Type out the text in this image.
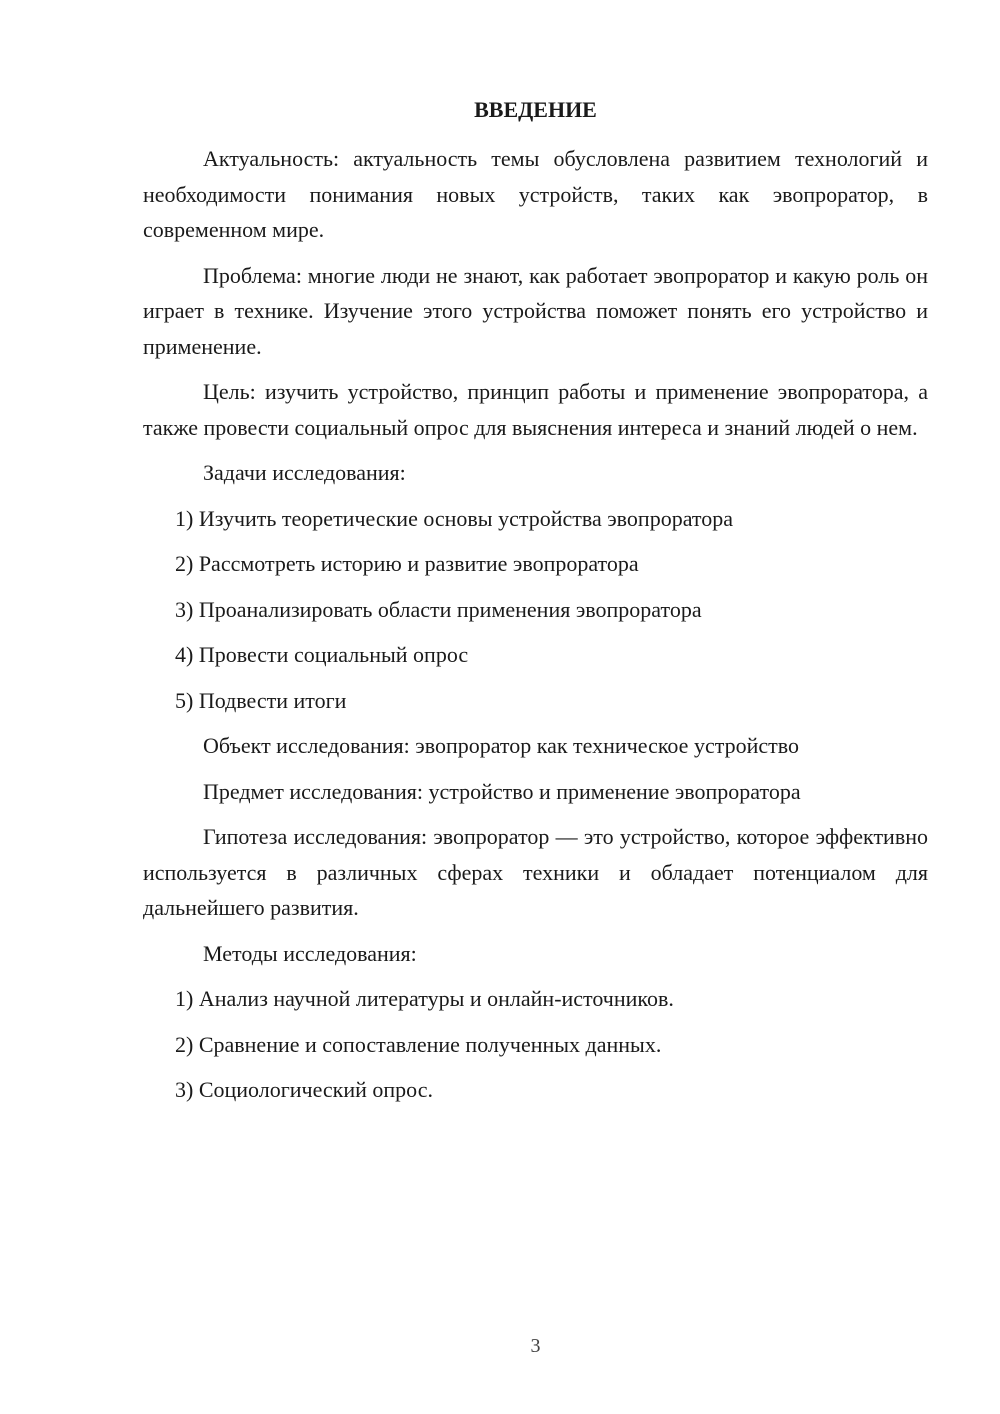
ВВЕДЕНИЕ

Актуальность: актуальность темы обусловлена развитием технологий и необходимости понимания новых устройств, таких как эвопроратор, в современном мире.

Проблема: многие люди не знают, как работает эвопроратор и какую роль он играет в технике. Изучение этого устройства поможет понять его устройство и применение.

Цель: изучить устройство, принцип работы и применение эвопроратора, а также провести социальный опрос для выяснения интереса и знаний людей о нем.

Задачи исследования:

1) Изучить теоретические основы устройства эвопроратора

2) Рассмотреть историю и развитие эвопроратора

3) Проанализировать области применения эвопроратора

4) Провести социальный опрос

5) Подвести итоги

Объект исследования: эвопроратор как техническое устройство

Предмет исследования: устройство и применение эвопроратора

Гипотеза исследования: эвопроратор — это устройство, которое эффективно используется в различных сферах техники и обладает потенциалом для дальнейшего развития.

Методы исследования:

1) Анализ научной литературы и онлайн-источников.

2) Сравнение и сопоставление полученных данных.

3) Социологический опрос.

3
